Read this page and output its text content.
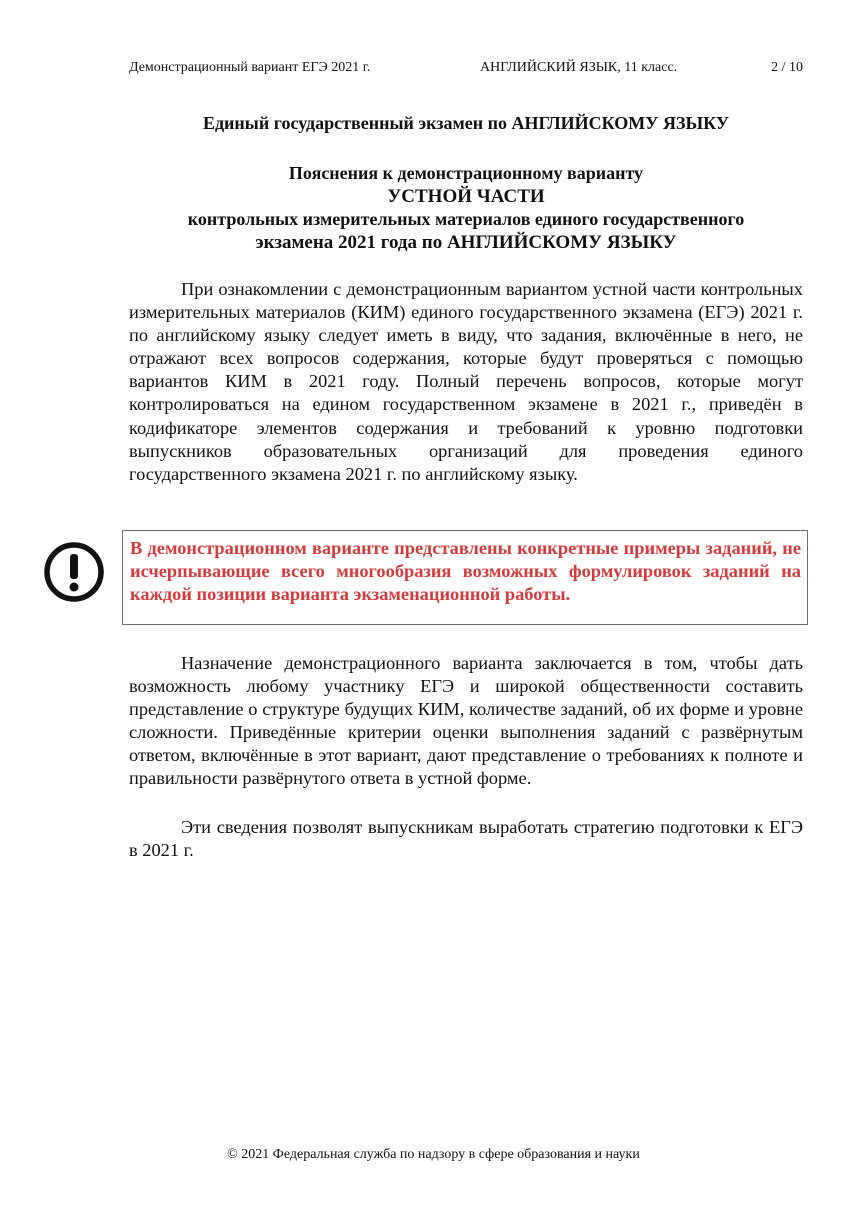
Демонстрационный вариант ЕГЭ 2021 г.	АНГЛИЙСКИЙ ЯЗЫК, 11 класс.	2 / 10
Единый государственный экзамен по АНГЛИЙСКОМУ ЯЗЫКУ
Пояснения к демонстрационному варианту
УСТНОЙ ЧАСТИ
контрольных измерительных материалов единого государственного
экзамена 2021 года по АНГЛИЙСКОМУ ЯЗЫКУ

При ознакомлении с демонстрационным вариантом устной части контрольных измерительных материалов (КИМ) единого государственного экзамена (ЕГЭ) 2021 г. по английскому языку следует иметь в виду, что задания, включённые в него, не отражают всех вопросов содержания, которые будут проверяться с помощью вариантов КИМ в 2021 году. Полный перечень вопросов, которые могут контролироваться на едином государственном экзамене в 2021 г., приведён в кодификаторе элементов содержания и требований к уровню подготовки выпускников образовательных организаций для проведения единого государственного экзамена 2021 г. по английскому языку.

В демонстрационном варианте представлены конкретные примеры заданий, не исчерпывающие всего многообразия возможных формулировок заданий на каждой позиции варианта экзаменационной работы.

Назначение демонстрационного варианта заключается в том, чтобы дать возможность любому участнику ЕГЭ и широкой общественности составить представление о структуре будущих КИМ, количестве заданий, об их форме и уровне сложности. Приведённые критерии оценки выполнения заданий с развёрнутым ответом, включённые в этот вариант, дают представление о требованиях к полноте и правильности развёрнутого ответа в устной форме.

Эти сведения позволят выпускникам выработать стратегию подготовки к ЕГЭ в 2021 г.

© 2021 Федеральная служба по надзору в сфере образования и науки
